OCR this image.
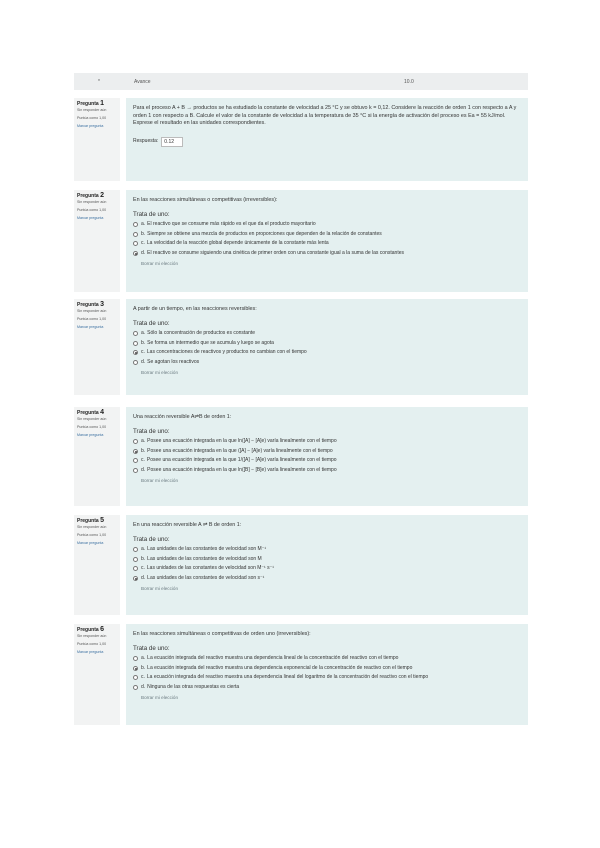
*	Avance	10.0
Pregunta 1
Sin responder aún

Puntúa como 1,00

Marcar pregunta
Para el proceso A + B → productos se ha estudiado la constante de velocidad a 25 °C y se obtuvo k = 0,12. Considere la reacción de orden 1 con respecto a A y orden 1 con respecto a B. Calcule el valor de la constante de velocidad a la temperatura de 35 °C si la energía de activación del proceso es Ea = 55 kJ/mol. Exprese el resultado en las unidades correspondientes.
Respuesta:	0.12
Pregunta 2
Sin responder aún

Puntúa como 1,00

Marcar pregunta
En las reacciones simultáneas o competitivas (irreversibles):
Trata de uno:
a. El reactivo que se consume más rápido es el que da el producto mayoritario
b. Siempre se obtiene una mezcla de productos en proporciones que dependen de la relación de constantes
c. La velocidad de la reacción global depende únicamente de la constante más lenta
d. El reactivo se consume siguiendo una cinética de primer orden con una constante igual a la suma de las constantes
Borrar mi elección
Pregunta 3
Sin responder aún

Puntúa como 1,00

Marcar pregunta
A partir de un tiempo, en las reacciones reversibles:
Trata de uno:
a. Sólo la concentración de productos es constante
b. Se forma un intermedio que se acumula y luego se agota
c. Las concentraciones de reactivos y productos no cambian con el tiempo
d. Se agotan los reactivos
Borrar mi elección
Pregunta 4
Sin responder aún

Puntúa como 1,00

Marcar pregunta
Una reacción reversible A⇌B de orden 1:
Trata de uno:
a. Posee una ecuación integrada en la que ln([A] − [A]e) varía linealmente con el tiempo
b. Posee una ecuación integrada en la que ([A] − [A]e) varía linealmente con el tiempo
c. Posee una ecuación integrada en la que 1/([A] − [A]e) varía linealmente con el tiempo
d. Posee una ecuación integrada en la que ln([B] − [B]e) varía linealmente con el tiempo
Borrar mi elección
Pregunta 5
Sin responder aún

Puntúa como 1,00

Marcar pregunta
En una reacción reversible A ⇌ B de orden 1:
Trata de uno:
a. Las unidades de las constantes de velocidad son M⁻¹
b. Las unidades de las constantes de velocidad son M
c. Las unidades de las constantes de velocidad son M⁻¹ s⁻¹
d. Las unidades de las constantes de velocidad son s⁻¹
Borrar mi elección
Pregunta 6
Sin responder aún

Puntúa como 1,00

Marcar pregunta
En las reacciones simultáneas o competitivas de orden uno (irreversibles):
Trata de uno:
a. La ecuación integrada del reactivo muestra una dependencia lineal de la concentración del reactivo con el tiempo
b. La ecuación integrada del reactivo muestra una dependencia exponencial de la concentración de reactivo con el tiempo
c. La ecuación integrada del reactivo muestra una dependencia lineal del logaritmo de la concentración del reactivo con el tiempo
d. Ninguna de las otras respuestas es cierta
Borrar mi elección
